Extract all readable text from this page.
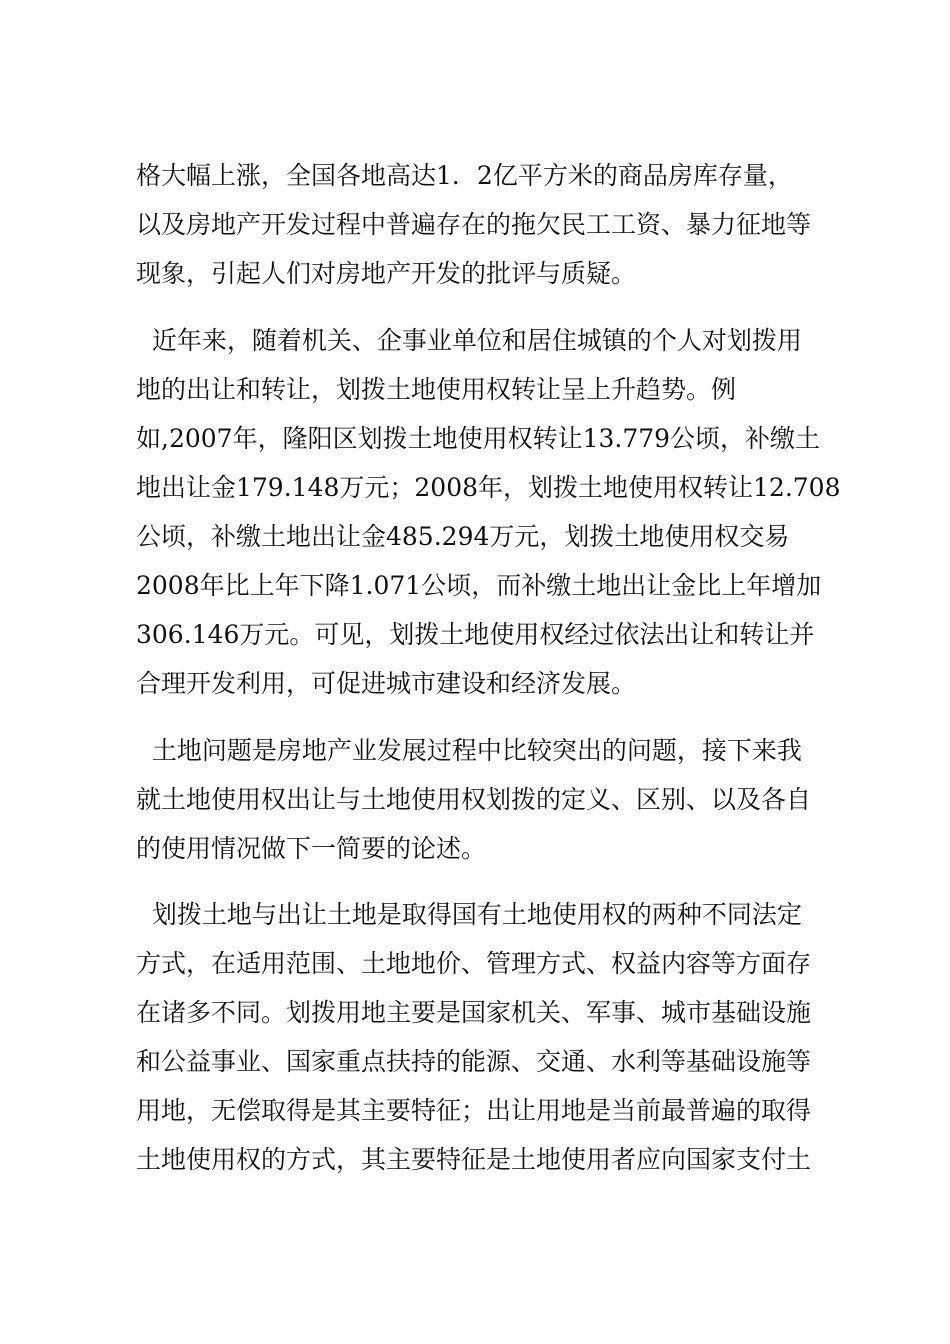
格大幅上涨，全国各地高达1．2亿平方米的商品房库存量，
以及房地产开发过程中普遍存在的拖欠民工工资、暴力征地等
现象，引起人们对房地产开发的批评与质疑。
近年来，随着机关、企事业单位和居住城镇的个人对划拨用
地的出让和转让，划拨土地使用权转让呈上升趋势。例
如,2007年，隆阳区划拨土地使用权转让13.779公顷，补缴土
地出让金179.148万元；2008年，划拨土地使用权转让12.708
公顷，补缴土地出让金485.294万元，划拨土地使用权交易
2008年比上年下降1.071公顷，而补缴土地出让金比上年增加
306.146万元。可见，划拨土地使用权经过依法出让和转让并
合理开发利用，可促进城市建设和经济发展。
土地问题是房地产业发展过程中比较突出的问题，接下来我
就土地使用权出让与土地使用权划拨的定义、区别、以及各自
的使用情况做下一简要的论述。
划拨土地与出让土地是取得国有土地使用权的两种不同法定
方式，在适用范围、土地地价、管理方式、权益内容等方面存
在诸多不同。划拨用地主要是国家机关、军事、城市基础设施
和公益事业、国家重点扶持的能源、交通、水利等基础设施等
用地，无偿取得是其主要特征；出让用地是当前最普遍的取得
土地使用权的方式，其主要特征是土地使用者应向国家支付土
